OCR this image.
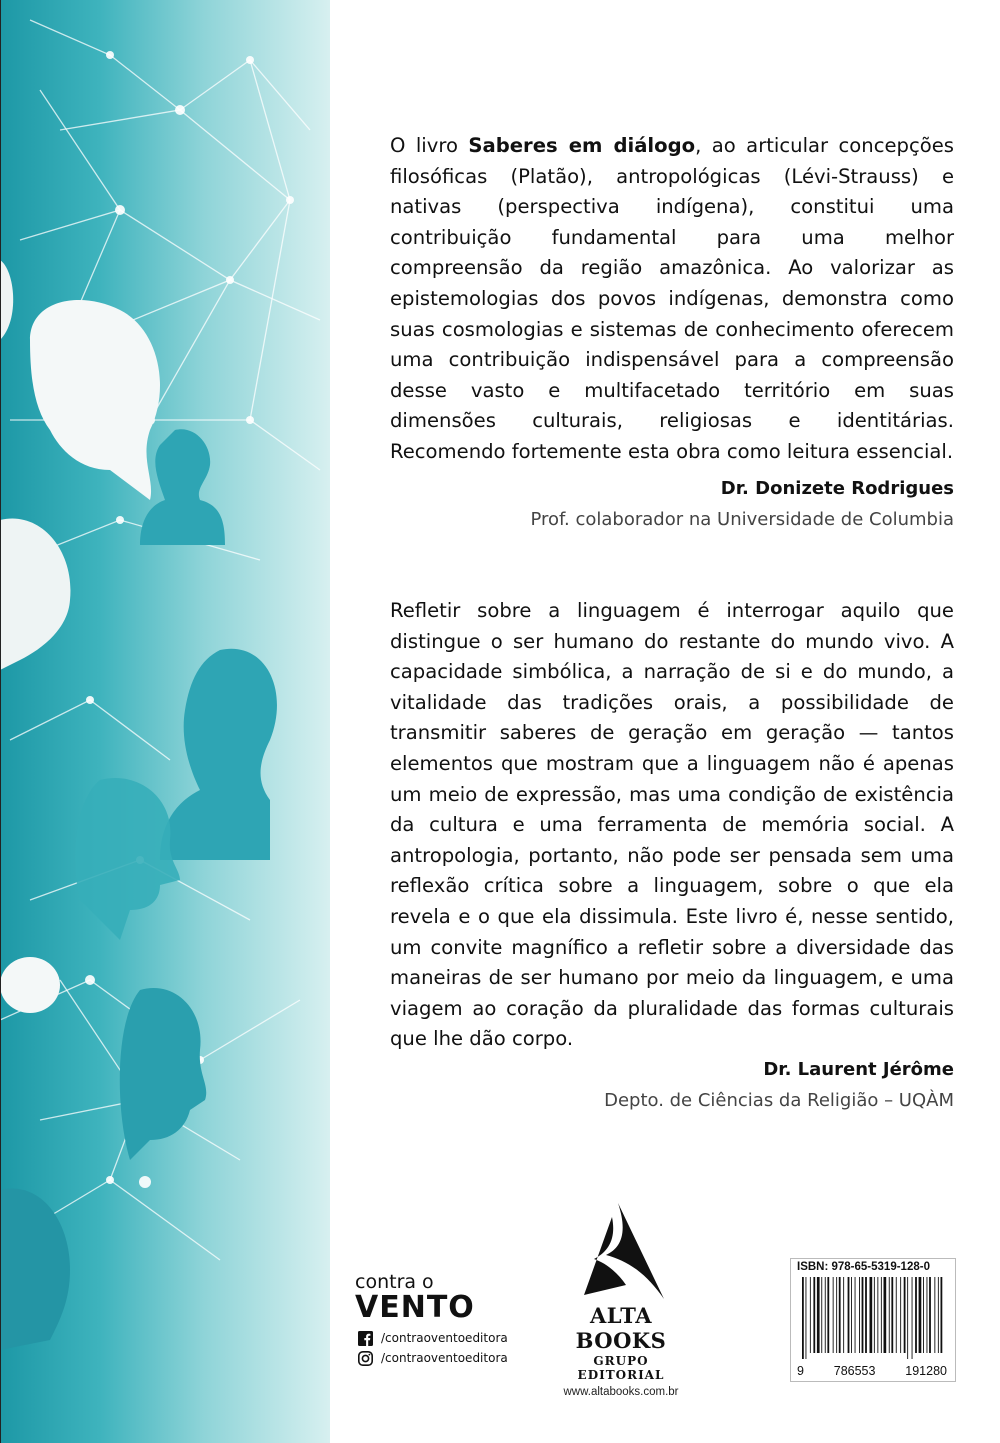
O livro Saberes em diálogo, ao articular concepções filosóficas (Platão), antropológicas (Lévi-Strauss) e nativas (perspectiva indígena), constitui uma contribuição fundamental para uma melhor compreensão da região amazônica. Ao valorizar as epistemologias dos povos indígenas, demonstra como suas cosmologias e sistemas de conhecimento oferecem uma contribuição indispensável para a compreensão desse vasto e multifacetado território em suas dimensões culturais, religiosas e identitárias. Recomendo fortemente esta obra como leitura essencial.

Dr. Donizete Rodrigues
Prof. colaborador na Universidade de Columbia

Refletir sobre a linguagem é interrogar aquilo que distingue o ser humano do restante do mundo vivo. A capacidade simbólica, a narração de si e do mundo, a vitalidade das tradições orais, a possibilidade de transmitir saberes de geração em geração — tantos elementos que mostram que a linguagem não é apenas um meio de expressão, mas uma condição de existência da cultura e uma ferramenta de memória social. A antropologia, portanto, não pode ser pensada sem uma reflexão crítica sobre a linguagem, sobre o que ela revela e o que ela dissimula. Este livro é, nesse sentido, um convite magnífico a refletir sobre a diversidade das maneiras de ser humano por meio da linguagem, e uma viagem ao coração da pluralidade das formas culturais que lhe dão corpo.

Dr. Laurent Jérôme
Depto. de Ciências da Religião – UQÀM
contra o
VENTO
/contraoventoeditora
/contraoventoeditora
ALTA BOOKS
GRUPO EDITORIAL
www.altabooks.com.br
ISBN: 978-65-5319-128-0
9 786553 191280
